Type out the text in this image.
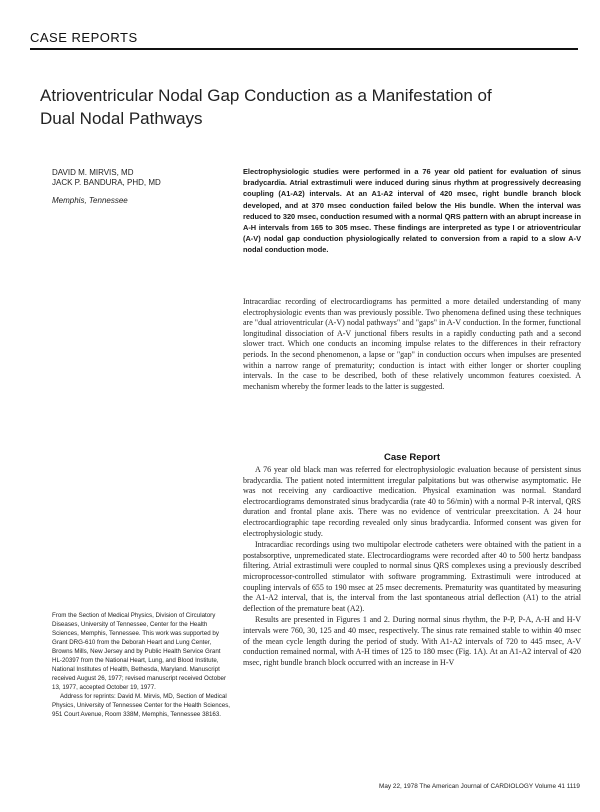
CASE REPORTS
Atrioventricular Nodal Gap Conduction as a Manifestation of Dual Nodal Pathways
DAVID M. MIRVIS, MD
JACK P. BANDURA, PHD, MD
Memphis, Tennessee
Electrophysiologic studies were performed in a 76 year old patient for evaluation of sinus bradycardia. Atrial extrastimuli were induced during sinus rhythm at progressively decreasing coupling (A1-A2) intervals. At an A1-A2 interval of 420 msec, right bundle branch block developed, and at 370 msec conduction failed below the His bundle. When the interval was reduced to 320 msec, conduction resumed with a normal QRS pattern with an abrupt increase in A-H intervals from 165 to 305 msec. These findings are interpreted as type I or atrioventricular (A-V) nodal gap conduction physiologically related to conversion from a rapid to a slow A-V nodal conduction mode.
Intracardiac recording of electrocardiograms has permitted a more detailed understanding of many electrophysiologic events than was previously possible. Two phenomena defined using these techniques are "dual atrioventricular (A-V) nodal pathways" and "gaps" in A-V conduction. In the former, functional longitudinal dissociation of A-V junctional fibers results in a rapidly conducting path and a second slower tract. Which one conducts an incoming impulse relates to the differences in their refractory periods. In the second phenomenon, a lapse or "gap" in conduction occurs when impulses are presented within a narrow range of prematurity; conduction is intact with either longer or shorter coupling intervals. In the case to be described, both of these relatively uncommon features coexisted. A mechanism whereby the former leads to the latter is suggested.
Case Report

A 76 year old black man was referred for electrophysiologic evaluation because of persistent sinus bradycardia. The patient noted intermittent irregular palpitations but was otherwise asymptomatic. He was not receiving any cardioactive medication. Physical examination was normal. Standard electrocardiograms demonstrated sinus bradycardia (rate 40 to 56/min) with a normal P-R interval, QRS duration and frontal plane axis. There was no evidence of ventricular preexcitation. A 24 hour electrocardiographic tape recording revealed only sinus bradycardia. Informed consent was given for electrophysiologic study.

Intracardiac recordings using two multipolar electrode catheters were obtained with the patient in a postabsorptive, unpremedicated state. Electrocardiograms were recorded after 40 to 500 hertz bandpass filtering. Atrial extrastimuli were coupled to normal sinus QRS complexes using a previously described microprocessor-controlled stimulator with software programming. Extrastimuli were introduced at coupling intervals of 655 to 190 msec at 25 msec decrements. Prematurity was quantitated by measuring the A1-A2 interval, that is, the interval from the last spontaneous atrial deflection (A1) to the atrial deflection of the premature beat (A2).

Results are presented in Figures 1 and 2. During normal sinus rhythm, the P-P, P-A, A-H and H-V intervals were 760, 30, 125 and 40 msec, respectively. The sinus rate remained stable to within 40 msec of the mean cycle length during the period of study. With A1-A2 intervals of 720 to 445 msec, A-V conduction remained normal, with A-H times of 125 to 180 msec (Fig. 1A). At an A1-A2 interval of 420 msec, right bundle branch block occurred with an increase in H-V

From the Section of Medical Physics, Division of Circulatory Diseases, University of Tennessee, Center for the Health Sciences, Memphis, Tennessee. This work was supported by Grant DRG-610 from the Deborah Heart and Lung Center, Browns Mills, New Jersey and by Public Health Service Grant HL-20397 from the National Heart, Lung, and Blood Institute, National Institutes of Health, Bethesda, Maryland. Manuscript received August 26, 1977; revised manuscript received October 13, 1977, accepted October 19, 1977.

Address for reprints: David M. Mirvis, MD, Section of Medical Physics, University of Tennessee Center for the Health Sciences, 951 Court Avenue, Room 338M, Memphis, Tennessee 38163.

May 22, 1978 The American Journal of CARDIOLOGY Volume 41 1119
